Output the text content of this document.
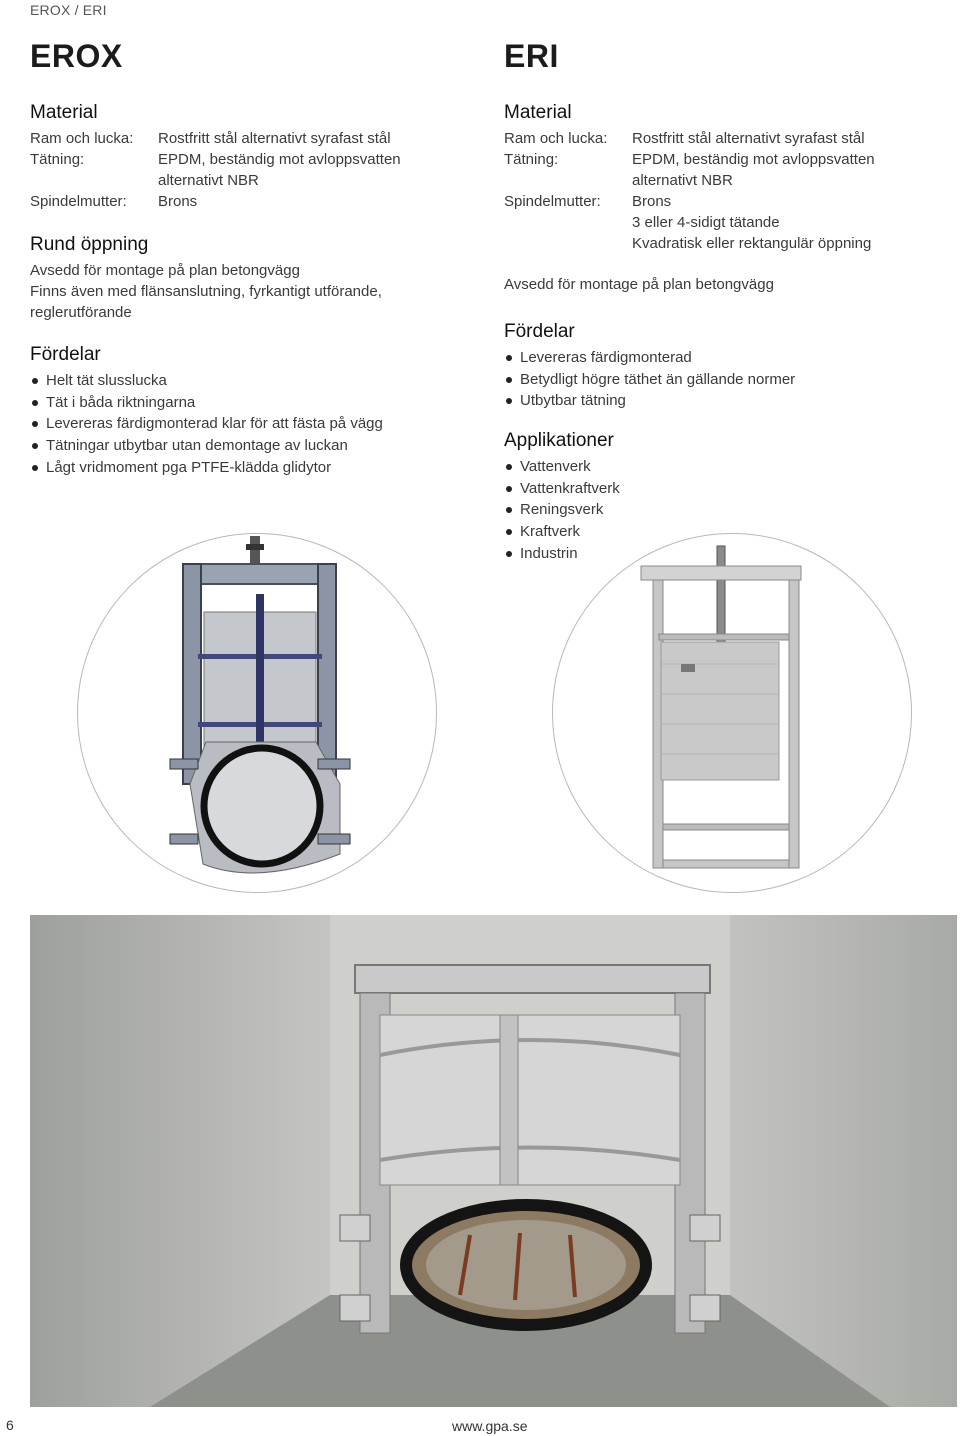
EROX / ERI
EROX
Material
Ram och lucka:	Rostfritt stål alternativt syrafast stål
Tätning:	EPDM, beständig mot avloppsvatten
alternativt NBR
Spindelmutter:	Brons
Rund öppning
Avsedd för montage på plan betongvägg
Finns även med flänsanslutning, fyrkantigt utförande,
reglerutförande
Fördelar
Helt tät slusslucka
Tät i båda riktningarna
Levereras färdigmonterad klar för att fästa på vägg
Tätningar utbytbar utan demontage av luckan
Lågt vridmoment pga PTFE-klädda glidytor
ERI
Material
Ram och lucka:	Rostfritt stål alternativt syrafast stål
Tätning:	EPDM, beständig mot avloppsvatten
alternativt NBR
Spindelmutter:	Brons
3 eller 4-sidigt tätande
Kvadratisk eller rektangulär öppning
Avsedd för montage på plan betongvägg
Fördelar
Levereras färdigmonterad
Betydligt högre täthet än gällande normer
Utbytbar tätning
Applikationer
Vattenverk
Vattenkraftverk
Reningsverk
Kraftverk
Industrin
6	www.gpa.se
